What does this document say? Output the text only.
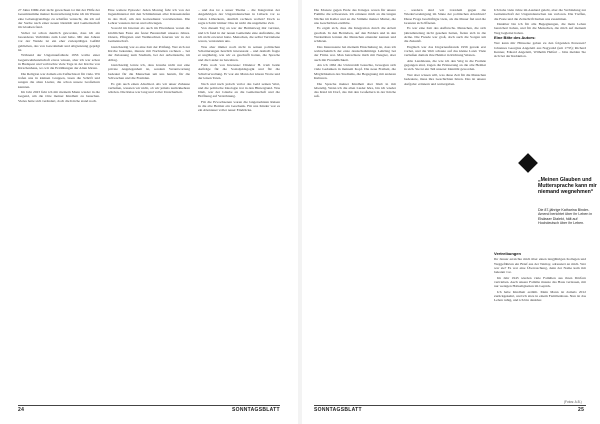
27 Jahre DDR-Zeit nicht gewachsen ist mit der Hilfe der Gesamtsumme meiner Konvertierung habe ich im Westen eine Lebensgrundlage zu schaffen versucht, die ich auf der Suche nach einer neuen Identität und Gemeinschaft im Glauben fand.

Sicher ist schon deutlich geworden, dass ich ein besonderes Verhältnis zum Land habe. Mit den Jahren vor der Wende ist ein eher zwiespältiges Gefühl geblieben, das von Gewohnheit und Abgrenzung geprägt ist.

Während der Ungarnaufstände 1956 wollte einer Gegenwehrkundschaft etwas wissen, aber ich war schon in Budapest und verbrachte viele Tage in der Kirche von Kirschenhaus, wo wir die Erzählungen der Alten hörten.

Die Religion war damals ein Zufluchtsort für viele. Wir trafen uns in kleinen Gruppen, lasen die Schrift und sangen die alten Lieder, die schon unsere Großeltern kannten.

Im Jahr 2023 fuhr ich mit meinem Mann wieder in die Gegend, um die Orte meiner Kindheit zu besuchen. Vieles hatte sich verändert, doch die Kirche stand noch.

Eine weitere Episode: Jeden Montag fuhr ich von der Jugendinternat mit den Schülerinnen aller Klassenstufen in das Dorf, um den Gottesdienst vorzubereiten. Die Lehrer wussten davon und schwiegen.

Sowohl im Internat als auch im Elternhaus waren die kirchlichen Feste ein fester Bestandteil unseres Jahres. Ostern, Pfingsten und Weihnachten feierten wir in der Gemeinschaft.

Gleichzeitig war es eine Zeit der Prüfung. Wer sich zur Kirche bekannte, musste mit Nachteilen rechnen – bei der Zulassung zum Studium, bei der Arbeitsstelle, im Alltag.

Gleichzeitig lernte ich, dass Glaube nicht nur eine private Angelegenheit ist, sondern Verantwortung bedeutet für die Menschen um uns herum, für die Schwachen und die Fremden.

Es gab auch einen Abschied. Als wir unser Zuhause verließen, wussten wir nicht, ob wir jemals zurückkehren würden. Die Reise war lang und voller Unsicherheit.

– und das ist a unser Thema – die Integration der Angehörigen der Ungarndeutschen in Lübeck vor so vielen Lübeckern, deutlich rechnen wollen? Doch so sagte ich mir immer: Das ist nicht die ungeliebte Zeit.

Von diesem Tag an war der Heimatweg mir vertraut, und ich fand in der neuen Gemeinde eine Aufnahme, die ich nicht erwartet hatte. Menschen, die selbst Vertriebene waren, verstanden uns.

Was aber immer noch nicht in seinen politischen Schattierungen herzlich interessant – und deshalb fragte er ungläubig, wie wir es geschafft hatten, die Sprache und die Lieder zu bewahren.

Falls noch von Interesse: Direktor H. trieb beide Aufträge für die Sozialpädagogik und für die Schulverwaltung. Er war ein Mann der klaren Worte und der leisen Taten.

Nach und nach jedoch verlor das Geld seinen Wert, und die politische Ideologie trat in den Hintergrund. Was blieb, war der Glaube an die Gemeinschaft und die Hoffnung auf Versöhnung.

Für die Erwachsenen waren die langersehnten Reisen in die alte Heimat ein Geschenk. Für uns Kinder war es ein Abenteuer voller neuer Eindrücke.

24	SONNTAGSBLATT

Die Monate gegen Ende des Krieges waren für unsere Familie die schwersten. Ich erinnere mich an die langen Nächte im Keller und an die Stimme meiner Mutter, die uns Geschichten erzählte.

Es ergab sich, dass die Integration durch die Arbeit geschah. In den Betrieben, auf den Feldern und in den Werkstätten lernten die Menschen einander kennen und schätzen.

Das Interessante bei meinem Einschulung ist, dass ich wahrscheinlich der erste deutschstämmige Lehrling bei der Firma war. Man betrachtete mich mit Neugier, aber auch mit Freundlichkeit.

Als ich 1962 die Universität besuchte, bewegten sich viele Gedanken in meinem Kopf. Die neue Freiheit, die Möglichkeiten des Studiums, die Begegnung mit anderen Kulturen.

Die Sprache meiner Kindheit aber blieb in mir lebendig. Wenn ich die alten Lieder höre, bin ich wieder das Kind im Dorf, das mit den Großeltern in der Kirche saß.

– sondern sind wir trotzdem gegen die Wiedervereinigung im Sinne der politischen Absichten? Diese Frage beschäftigte viele, als die Mauer fiel und die Grenzen sich öffneten.

Es war eine Zeit des Aufbruchs. Menschen, die sich jahrzehntelang nicht gesehen hatten, fielen sich in die Arme. Die Freude war groß, doch auch die Sorgen um die Zukunft.

Englisch war das Ungarnaufstands 1956 gerade erst vorbei, und die Welt schaute auf das kleine Land. Viele verließen damals ihre Heimat in Richtung Westen.

Alle Landsleute, die wie ich den Weg in die Fremde gegangen sind, tragen die Erinnerung an die alte Heimat in sich. Sie ist ein Teil unserer Identität geworden.

Wer aber wissen will, was diese Zeit für die Menschen bedeutete, muss ihre Geschichten hören. Das ist unsere Aufgabe: erinnern und weitergeben.

Ich habe viele Jahre im Ausland gelebt, aber die Verbindung zur Gemeinschaft der Ungarndeutschen nie verloren. Die Treffen, die Feste und die Zeitschrift hielten uns zusammen.

Dankbar bin ich für alle Begegnungen, die mein Leben bereichert haben, und für die Menschen, die mich auf meinem Weg begleitet haben.

Eine Bitte des Autors:

Wer kann mir Hinweise geben zu den folgenden Personen? Johannes Georgius Angeletti aus Nagyatád (um 1735); Richard Kenner, Eduard Angeletti, Wilhelm Helfert – bitte melden Sie sich bei der Redaktion.

„Meinen Glauben und Muttersprache kann mir niemand wegnehmen“
Die 87-jährige Katharina Binder-Amend berichtet über ihr Leben in Elsässer Dialekt, hält auf Hochdeutsch über ihr Leben.
Vertreibungen

Ihr Januar erreichte mich über einen langjährigen Kollegen und Weggefährten ein Brief aus der Taimay, adressiert an mich. Wer war sie? Es war eine Überraschung, denn der Name kam mir bekannt vor.

Im Jahr 1945 wurden viele Familien aus ihren Dörfern vertrieben. Auch unsere Familie musste das Haus verlassen, mit nur wenigen Habseligkeiten im Gepäck.

Ich habe Kindheit erzählt. Mein Mann ist damals 2012 zurückgekehrt, und ich sitze in einem Familienhaus. Nun ist das Leben ruhig, und ich bin dankbar.

(Fotos: A.B.)
SONNTAGSBLATT	25
